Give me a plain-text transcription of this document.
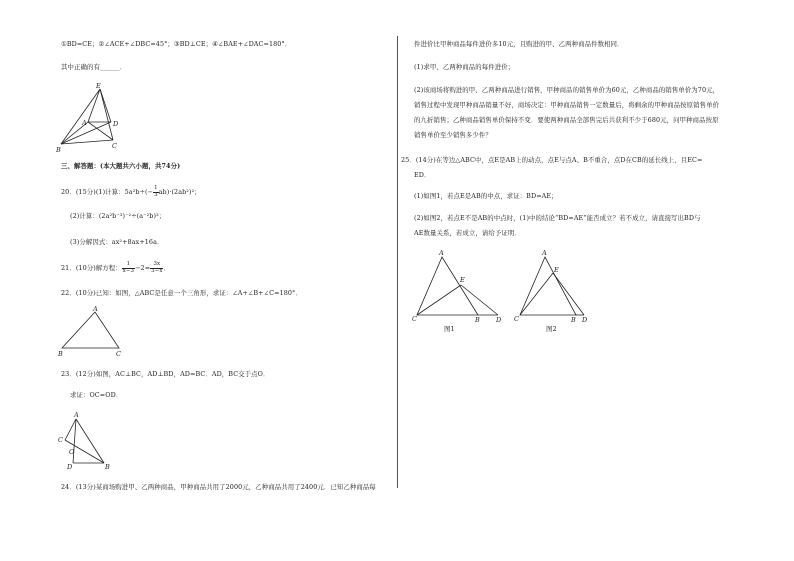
①BD=CE；②∠ACE+∠DBC=45°；③BD⊥CE；④∠BAE+∠DAC=180°．
其中正确的有______．
E
A	D
B	C
三、解答题：(本大题共六小题，共74分)
20．(15分)(1)计算：$5a^2b\div(- \frac{1}{3} ab)\cdot(2ab^2)^2$；
(2)计算：(2a²b⁻³)⁻²÷(a⁻²b)³；
(3)分解因式：ax²+8ax+16a．
21．(10分)解方程： $\frac{1}{x-3} -2= \frac{3x}{3-x}$ ．
22．(10分)已知：如图，△ABC是任意一个三角形，求证：∠A+∠B+∠C=180°．
A
B	C
23．(12分)如图，AC⊥BC，AD⊥BD，AD=BC．AD，BC交于点O．
求证：OC=OD．
A
C
O
D	B
24．(13分)某商场购进甲、乙两种商品，甲种商品共用了2000元，乙种商品共用了2400元．已知乙种商品每
件进价比甲种商品每件进价多10元，且购进的甲、乙两种商品件数相同．
(1)求甲、乙两种商品的每件进价；
(2)该商场将购进的甲、乙两种商品进行销售，甲种商品的销售单价为60元，乙种商品的销售单价为70元，
销售过程中发现甲种商品销量不好，商场决定：甲种商品销售一定数量后，将剩余的甲种商品按原销售单价
的九折销售；乙种商品销售单价保持不变．要使两种商品全部售完后共获利不少于680元，问甲种商品按原
销售单价至少销售多少件？
25．(14分)在等边△ABC中，点E是AB上的动点，点E与点A、B不重合，点D在CB的延长线上，且EC=
ED．
(1)如图1，若点E是AB的中点，求证：BD=AE；
(2)如图2，若点E不是AB的中点时，(1)中的结论“BD=AE”能否成立？若不成立，请直接写出BD与
AE数量关系，若成立，请给予证明．
A
E
C	B D
图1
A
E
C	B D
图2
